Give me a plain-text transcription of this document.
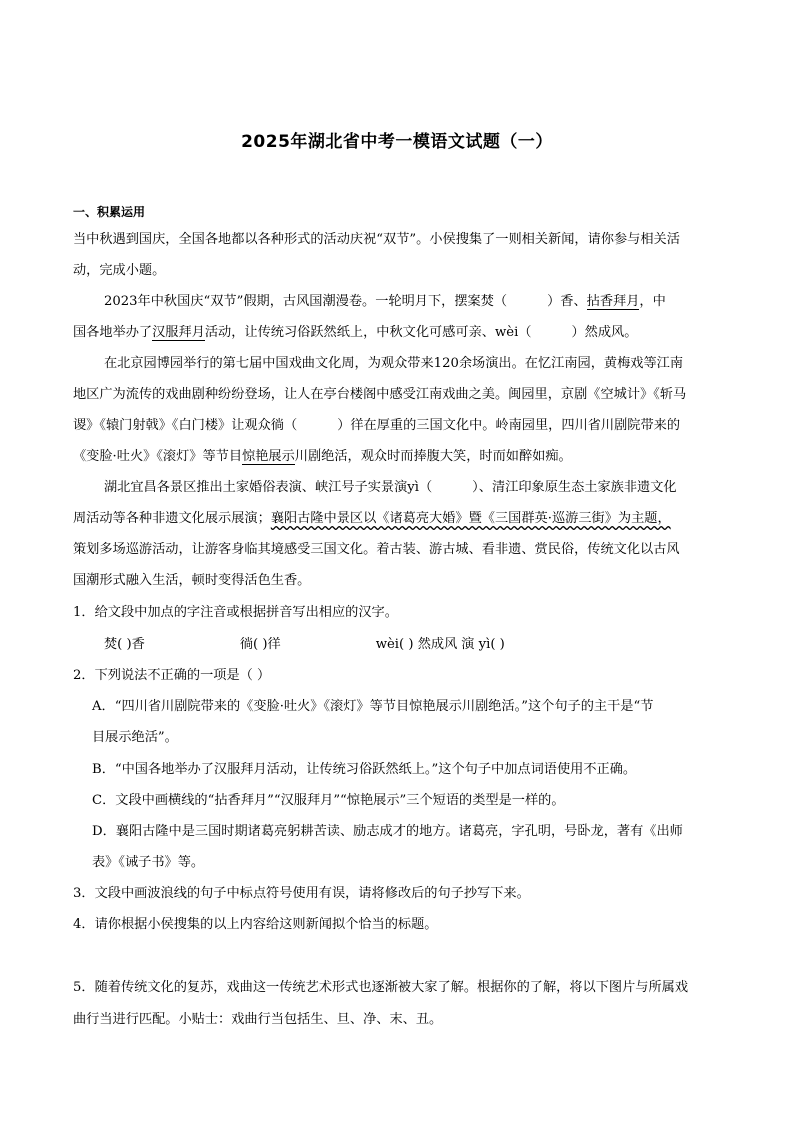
2025年湖北省中考一模语文试题（一）
一、积累运用
当中秋遇到国庆，全国各地都以各种形式的活动庆祝“双节”。小侯搜集了一则相关新闻，请你参与相关活
动，完成小题。
2023年中秋国庆“双节”假期，古风国潮漫卷。一轮明月下，摆案焚（	）香、拈香拜月，中
国各地举办了汉服拜月活动，让传统习俗跃然纸上，中秋文化可感可亲、wèi（	）然成风。
在北京园博园举行的第七届中国戏曲文化周，为观众带来120余场演出。在忆江南园，黄梅戏等江南
地区广为流传的戏曲剧种纷纷登场，让人在亭台楼阁中感受江南戏曲之美。闽园里，京剧《空城计》《斩马
谡》《辕门射戟》《白门楼》让观众徜（	）徉在厚重的三国文化中。岭南园里，四川省川剧院带来的
《变脸·吐火》《滚灯》等节目惊艳展示川剧绝活，观众时而捧腹大笑，时而如醉如痴。
湖北宜昌各景区推出土家婚俗表演、峡江号子实景演yì（	）、清江印象原生态土家族非遗文化
周活动等各种非遗文化展示展演；襄阳古隆中景区以《诸葛亮大婚》暨《三国群英·巡游三街》为主题，
策划多场巡游活动，让游客身临其境感受三国文化。着古装、游古城、看非遗、赏民俗，传统文化以古风
国潮形式融入生活，顿时变得活色生香。
1．给文段中加点的字注音或根据拼音写出相应的汉字。
焚( )香	徜( )徉	wèi( ) 然成风 演 yì( )
2．下列说法不正确的一项是（ ）
A．“四川省川剧院带来的《变脸·吐火》《滚灯》等节目惊艳展示川剧绝活。”这个句子的主干是“节
目展示绝活”。
B．“中国各地举办了汉服拜月活动，让传统习俗跃然纸上。”这个句子中加点词语使用不正确。
C．文段中画横线的“拈香拜月”“汉服拜月”“惊艳展示”三个短语的类型是一样的。
D．襄阳古隆中是三国时期诸葛亮躬耕苦读、励志成才的地方。诸葛亮，字孔明，号卧龙，著有《出师
表》《诫子书》等。
3．文段中画波浪线的句子中标点符号使用有误，请将修改后的句子抄写下来。
4．请你根据小侯搜集的以上内容给这则新闻拟个恰当的标题。
5．随着传统文化的复苏，戏曲这一传统艺术形式也逐渐被大家了解。根据你的了解，将以下图片与所属戏
曲行当进行匹配。小贴士：戏曲行当包括生、旦、净、末、丑。
